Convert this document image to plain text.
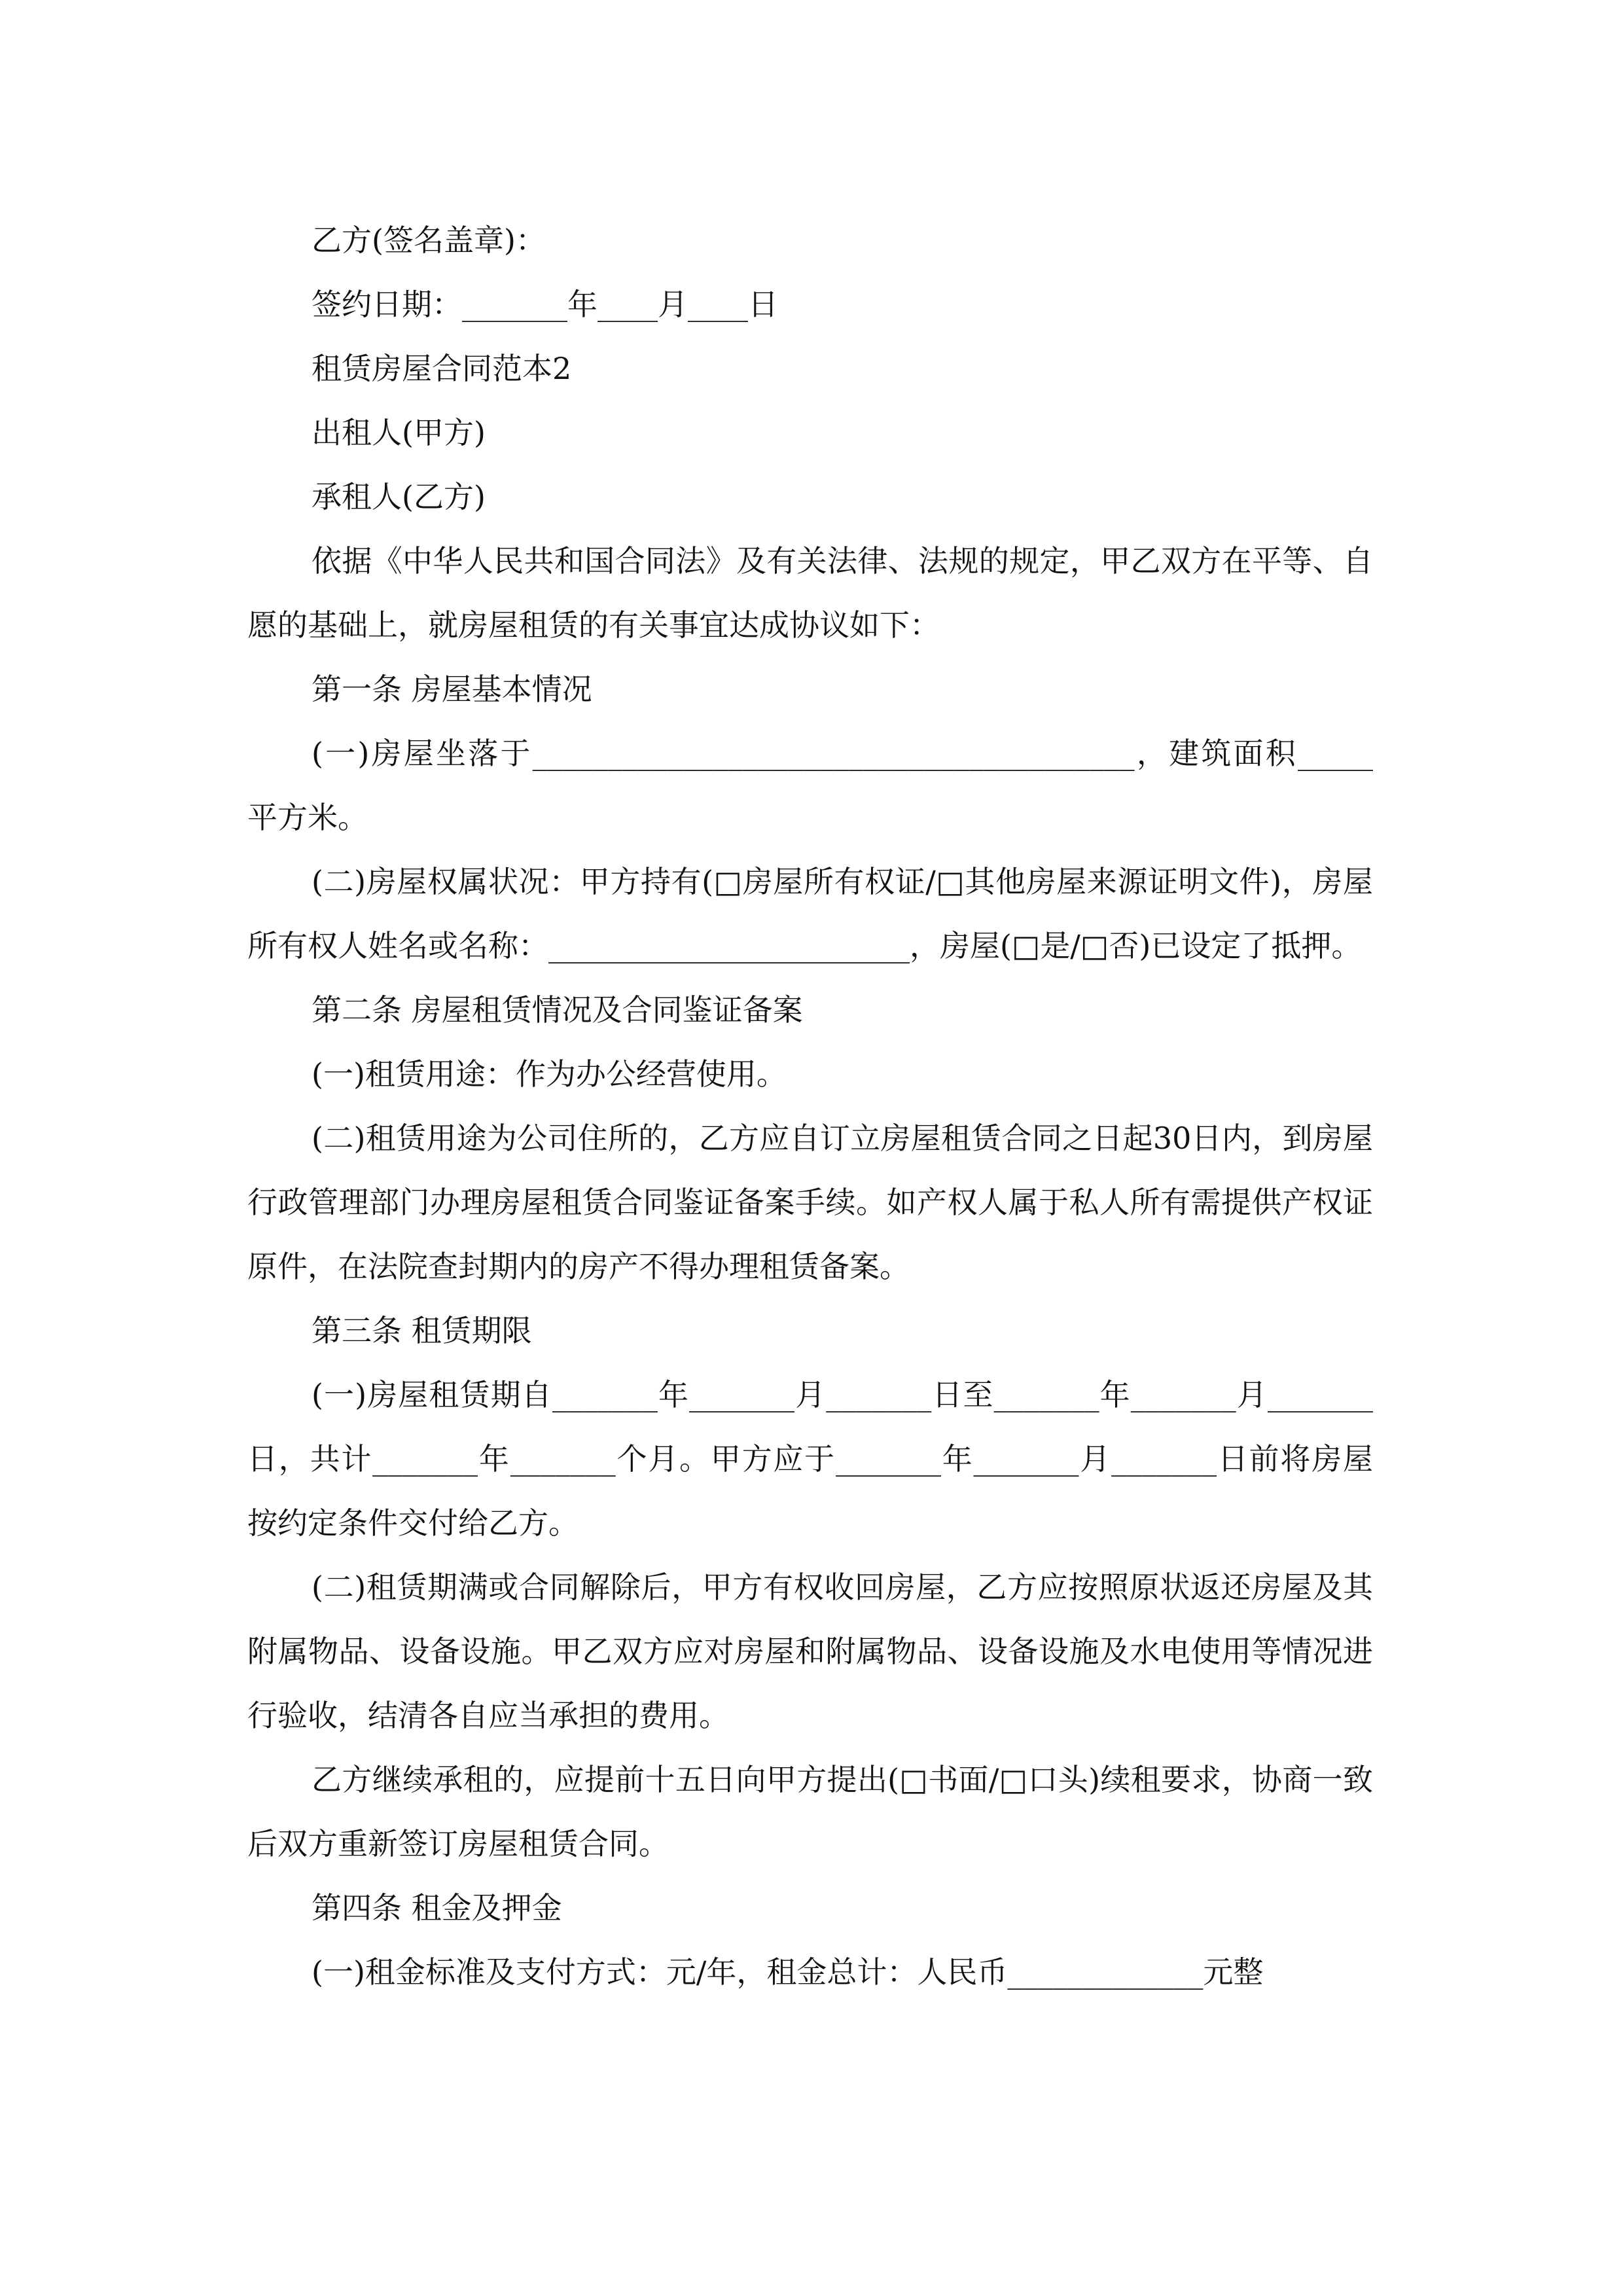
乙方(签名盖章)：

签约日期：_______年____月____日

租赁房屋合同范本2

出租人(甲方)

承租人(乙方)

依据《中华人民共和国合同法》及有关法律、法规的规定，甲乙双方在平等、自愿的基础上，就房屋租赁的有关事宜达成协议如下：

第一条 房屋基本情况

(一)房屋坐落于________________________________________，建筑面积_____平方米。

(二)房屋权属状况：甲方持有(□房屋所有权证/□其他房屋来源证明文件)，房屋所有权人姓名或名称：________________________，房屋(□是/□否)已设定了抵押。

第二条 房屋租赁情况及合同鉴证备案

(一)租赁用途：作为办公经营使用。

(二)租赁用途为公司住所的，乙方应自订立房屋租赁合同之日起30日内，到房屋行政管理部门办理房屋租赁合同鉴证备案手续。如产权人属于私人所有需提供产权证原件，在法院查封期内的房产不得办理租赁备案。

第三条 租赁期限

(一)房屋租赁期自_______年_______月_______日至_______年_______月_______日，共计_______年_______个月。甲方应于_______年_______月_______日前将房屋按约定条件交付给乙方。

(二)租赁期满或合同解除后，甲方有权收回房屋，乙方应按照原状返还房屋及其附属物品、设备设施。甲乙双方应对房屋和附属物品、设备设施及水电使用等情况进行验收，结清各自应当承担的费用。

乙方继续承租的，应提前十五日向甲方提出(□书面/□口头)续租要求，协商一致后双方重新签订房屋租赁合同。

第四条 租金及押金

(一)租金标准及支付方式：元/年，租金总计：人民币_____________元整
